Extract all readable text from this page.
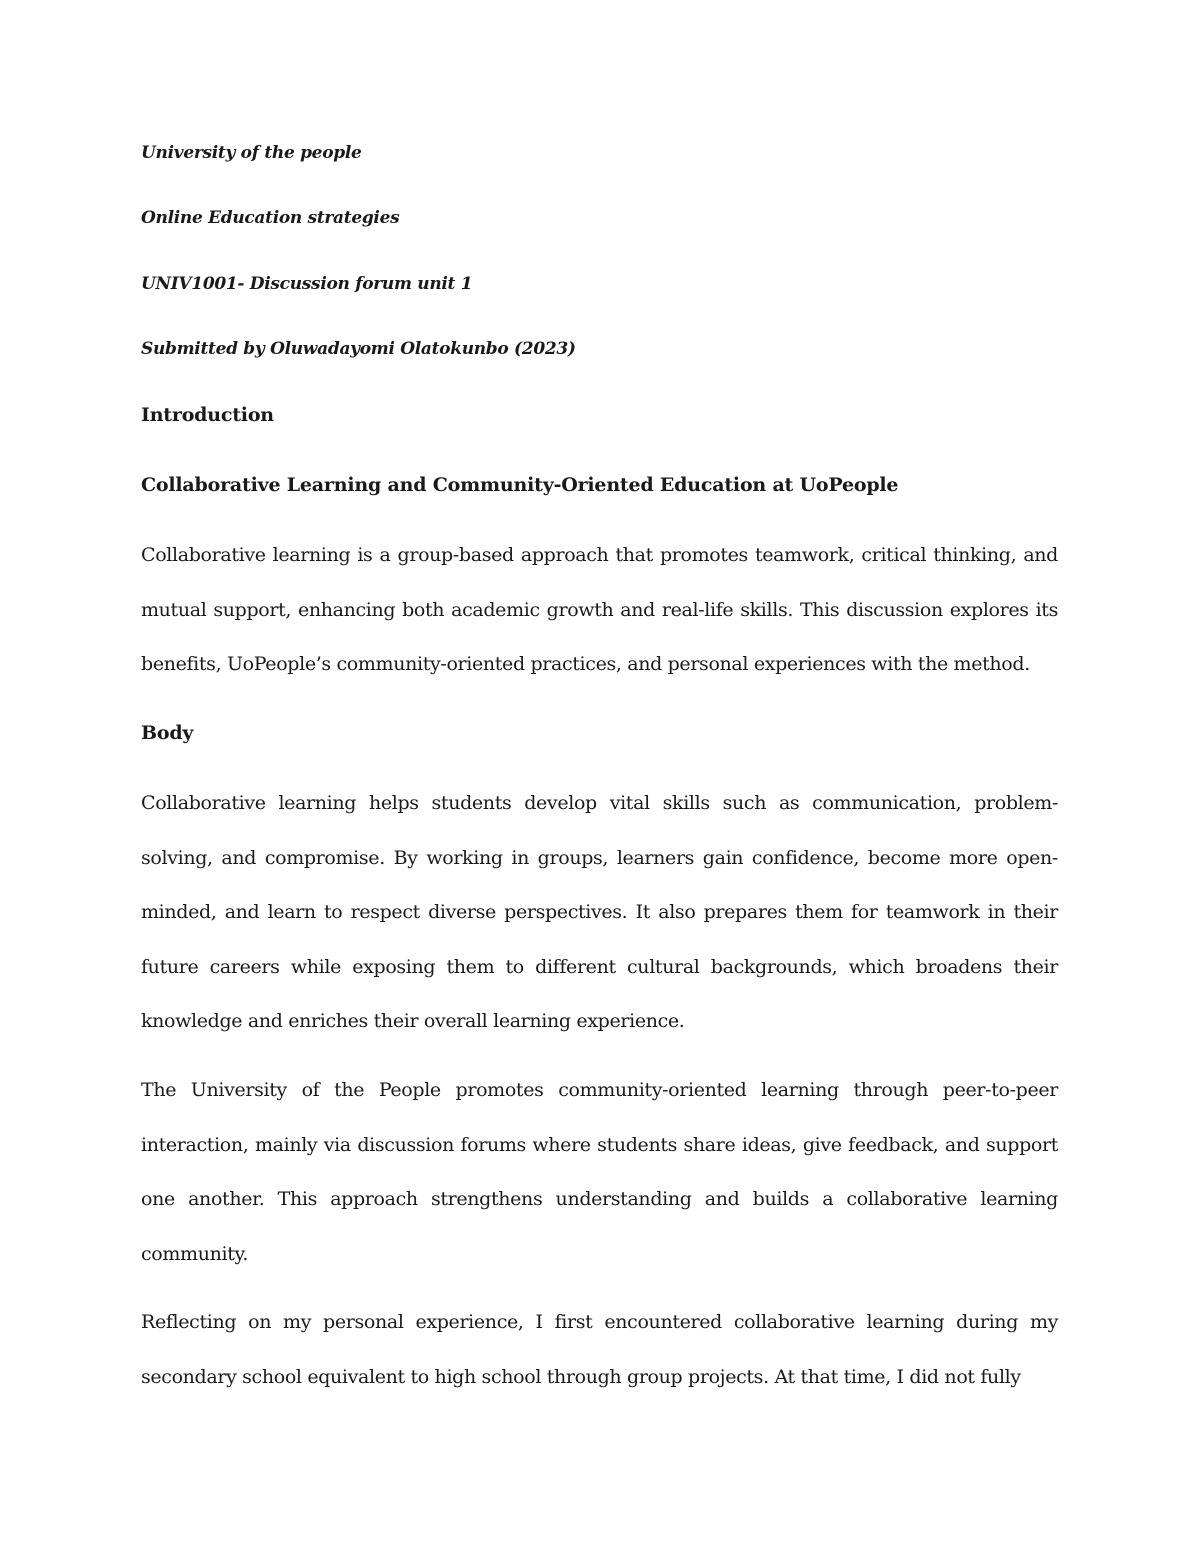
University of the people
Online Education strategies
UNIV1001- Discussion forum unit 1
Submitted by Oluwadayomi Olatokunbo (2023)
Introduction
Collaborative Learning and Community-Oriented Education at UoPeople
Collaborative learning is a group-based approach that promotes teamwork, critical thinking, and mutual support, enhancing both academic growth and real-life skills. This discussion explores its benefits, UoPeople’s community-oriented practices, and personal experiences with the method.
Body
Collaborative learning helps students develop vital skills such as communication, problem-solving, and compromise. By working in groups, learners gain confidence, become more open-minded, and learn to respect diverse perspectives. It also prepares them for teamwork in their future careers while exposing them to different cultural backgrounds, which broadens their knowledge and enriches their overall learning experience.
The University of the People promotes community-oriented learning through peer-to-peer interaction, mainly via discussion forums where students share ideas, give feedback, and support one another. This approach strengthens understanding and builds a collaborative learning community.
Reflecting on my personal experience, I first encountered collaborative learning during my secondary school equivalent to high school through group projects. At that time, I did not fully
